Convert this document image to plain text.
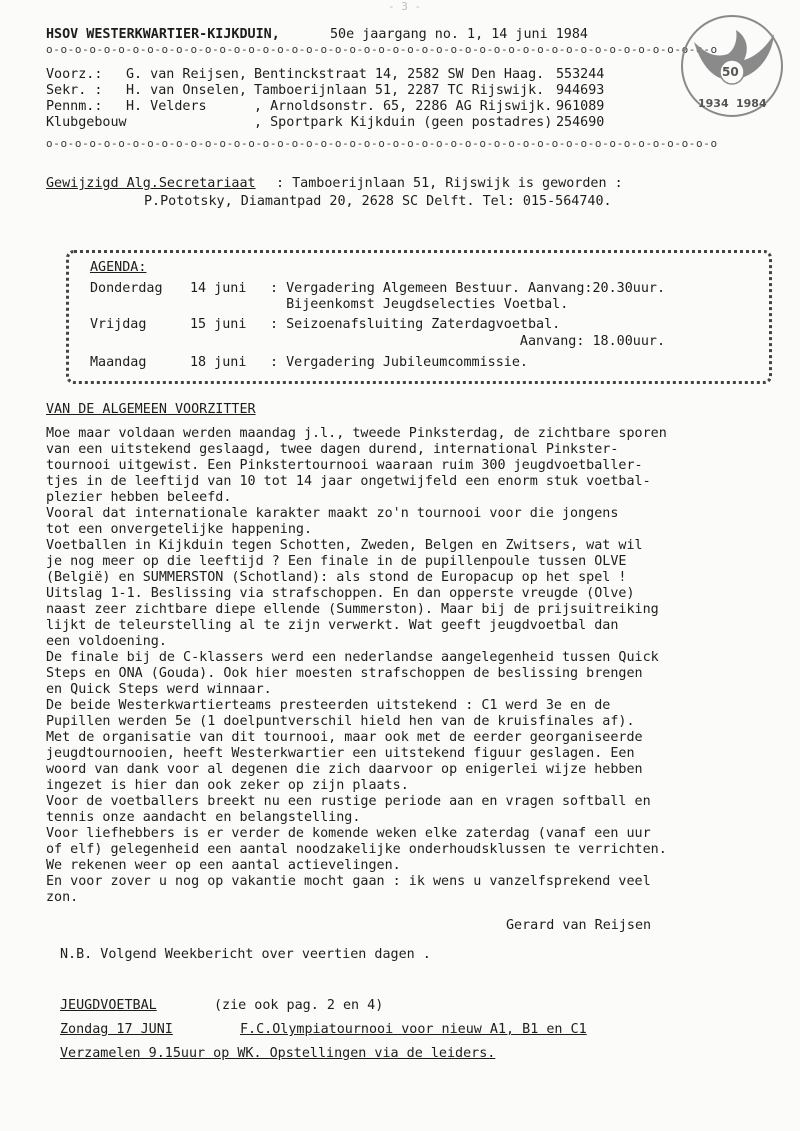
- 3 -
HSOV WESTERKWARTIER-KIJKDUIN,	50e jaargang no. 1, 14 juni 1984
o-o-o-o-o-o-o-o-o-o-o-o-o-o-o-o-o-o-o-o-o-o-o-o-o-o-o-o-o-o-o-o-o-o-o-o-o-o-o-o-o-o-o-o-o-o-o
Voorz.: G. van Reijsen, Bentinckstraat 14, 2582 SW Den Haag. 553244
Sekr. : H. van Onselen, Tamboerijnlaan 51, 2287 TC Rijswijk. 944693
Pennm.: H. Velders	, Arnoldsonstr. 65, 2286 AG Rijswijk. 961089
Klubgebouw	, Sportpark Kijkduin (geen postadres) 254690
o-o-o-o-o-o-o-o-o-o-o-o-o-o-o-o-o-o-o-o-o-o-o-o-o-o-o-o-o-o-o-o-o-o-o-o-o-o-o-o-o-o-o-o-o-o-o
50
1934 1984
Gewijzigd Alg.Secretariaat : Tamboerijnlaan 51, Rijswijk is geworden :
P.Pototsky, Diamantpad 20, 2628 SC Delft. Tel: 015-564740.
AGENDA:
Donderdag 14 juni : Vergadering Algemeen Bestuur. Aanvang:20.30uur.
Bijeenkomst Jeugdselecties Voetbal.
Vrijdag	15 juni : Seizoenafsluiting Zaterdagvoetbal.
Aanvang: 18.00uur.
Maandag	18 juni : Vergadering Jubileumcommissie.
VAN DE ALGEMEEN VOORZITTER
Moe maar voldaan werden maandag j.l., tweede Pinksterdag, de zichtbare sporen
van een uitstekend geslaagd, twee dagen durend, international Pinkster-
tournooi uitgewist. Een Pinkstertournooi waaraan ruim 300 jeugdvoetballer-
tjes in de leeftijd van 10 tot 14 jaar ongetwijfeld een enorm stuk voetbal-
plezier hebben beleefd.
Vooral dat internationale karakter maakt zo'n tournooi voor die jongens
tot een onvergetelijke happening.
Voetballen in Kijkduin tegen Schotten, Zweden, Belgen en Zwitsers, wat wil
je nog meer op die leeftijd ? Een finale in de pupillenpoule tussen OLVE
(België) en SUMMERSTON (Schotland): als stond de Europacup op het spel !
Uitslag 1-1. Beslissing via strafschoppen. En dan opperste vreugde (Olve)
naast zeer zichtbare diepe ellende (Summerston). Maar bij de prijsuitreiking
lijkt de teleurstelling al te zijn verwerkt. Wat geeft jeugdvoetbal dan
een voldoening.
De finale bij de C-klassers werd een nederlandse aangelegenheid tussen Quick
Steps en ONA (Gouda). Ook hier moesten strafschoppen de beslissing brengen
en Quick Steps werd winnaar.
De beide Westerkwartierteams presteerden uitstekend : C1 werd 3e en de
Pupillen werden 5e (1 doelpuntverschil hield hen van de kruisfinales af).
Met de organisatie van dit tournooi, maar ook met de eerder georganiseerde
jeugdtournooien, heeft Westerkwartier een uitstekend figuur geslagen. Een
woord van dank voor al degenen die zich daarvoor op enigerlei wijze hebben
ingezet is hier dan ook zeker op zijn plaats.
Voor de voetballers breekt nu een rustige periode aan en vragen softball en
tennis onze aandacht en belangstelling.
Voor liefhebbers is er verder de komende weken elke zaterdag (vanaf een uur
of elf) gelegenheid een aantal noodzakelijke onderhoudsklussen te verrichten.
We rekenen weer op een aantal actievelingen.
En voor zover u nog op vakantie mocht gaan : ik wens u vanzelfsprekend veel
zon.
Gerard van Reijsen
N.B. Volgend Weekbericht over veertien dagen .
JEUGDVOETBAL	(zie ook pag. 2 en 4)
Zondag 17 JUNI	F.C.Olympiatournooi voor nieuw A1, B1 en C1
Verzamelen 9.15uur op WK. Opstellingen via de leiders.
